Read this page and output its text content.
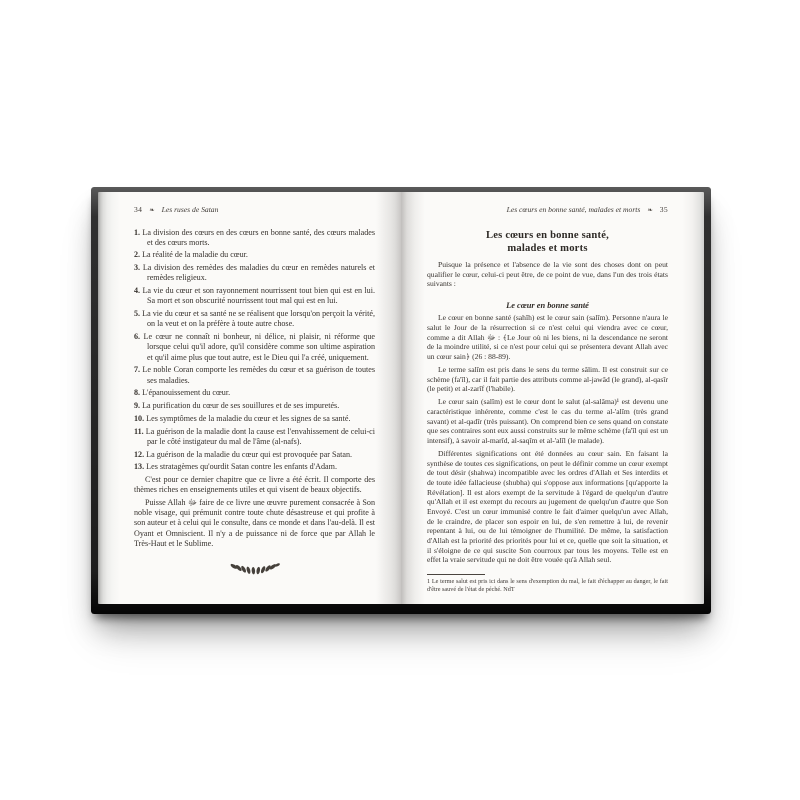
34 ❧ Les ruses de Satan
1. La division des cœurs en des cœurs en bonne santé, des cœurs malades et des cœurs morts.
2. La réalité de la maladie du cœur.
3. La division des remèdes des maladies du cœur en remèdes naturels et remèdes religieux.
4. La vie du cœur et son rayonnement nourrissent tout bien qui est en lui. Sa mort et son obscurité nourrissent tout mal qui est en lui.
5. La vie du cœur et sa santé ne se réalisent que lorsqu'on perçoit la vérité, on la veut et on la préfère à toute autre chose.
6. Le cœur ne connaît ni bonheur, ni délice, ni plaisir, ni réforme que lorsque celui qu'il adore, qu'il considère comme son ultime aspiration et qu'il aime plus que tout autre, est le Dieu qui l'a créé, uniquement.
7. Le noble Coran comporte les remèdes du cœur et sa guérison de toutes ses maladies.
8. L'épanouissement du cœur.
9. La purification du cœur de ses souillures et de ses impuretés.
10. Les symptômes de la maladie du cœur et les signes de sa santé.
11. La guérison de la maladie dont la cause est l'envahissement de celui-ci par le côté instigateur du mal de l'âme (al-nafs).
12. La guérison de la maladie du cœur qui est provoquée par Satan.
13. Les stratagèmes qu'ourdit Satan contre les enfants d'Adam.

C'est pour ce dernier chapitre que ce livre a été écrit. Il comporte des thèmes riches en enseignements utiles et qui visent de beaux objectifs.

Puisse Allah ﷻ faire de ce livre une œuvre purement consacrée à Son noble visage, qui prémunit contre toute chute désastreuse et qui profite à son auteur et à celui qui le consulte, dans ce monde et dans l'au-delà. Il est Oyant et Omniscient. Il n'y a de puissance ni de force que par Allah le Très-Haut et le Sublime.

Les cœurs en bonne santé, malades et morts ❧ 35
Les cœurs en bonne santé,
malades et morts

Puisque la présence et l'absence de la vie sont des choses dont on peut qualifier le cœur, celui-ci peut être, de ce point de vue, dans l'un des trois états suivants :

Le cœur en bonne santé

Le cœur en bonne santé (sahîh) est le cœur sain (salîm). Personne n'aura le salut le Jour de la résurrection si ce n'est celui qui viendra avec ce cœur, comme a dit Allah ﷻ : ﴾Le Jour où ni les biens, ni la descendance ne seront de la moindre utilité, si ce n'est pour celui qui se présentera devant Allah avec un cœur sain﴿ (26 : 88-89).

Le terme salîm est pris dans le sens du terme sâlim. Il est construit sur ce schème (fa'îl), car il fait partie des attributs comme al-jawâd (le grand), al-qasîr (le petit) et al-zarîf (l'habile).

Le cœur sain (salîm) est le cœur dont le salut (al-salâma)¹ est devenu une caractéristique inhérente, comme c'est le cas du terme al-'alîm (très grand savant) et al-qadîr (très puissant). On comprend bien ce sens quand on constate que ses contraires sont eux aussi construits sur le même schème (fa'îl qui est un intensif), à savoir al-marîd, al-saqîm et al-'alîl (le malade).

Différentes significations ont été données au cœur sain. En faisant la synthèse de toutes ces significations, on peut le définir comme un cœur exempt de tout désir (shahwa) incompatible avec les ordres d'Allah et Ses interdits et de toute idée fallacieuse (shubha) qui s'oppose aux informations [qu'apporte la Révélation]. Il est alors exempt de la servitude à l'égard de quelqu'un d'autre qu'Allah et il est exempt du recours au jugement de quelqu'un d'autre que Son Envoyé. C'est un cœur immunisé contre le fait d'aimer quelqu'un avec Allah, de le craindre, de placer son espoir en lui, de s'en remettre à lui, de revenir repentant à lui, ou de lui témoigner de l'humilité. De même, la satisfaction d'Allah est la priorité des priorités pour lui et ce, quelle que soit la situation, et il s'éloigne de ce qui suscite Son courroux par tous les moyens. Telle est en effet la vraie servitude qui ne doit être vouée qu'à Allah seul.

1 Le terme salut est pris ici dans le sens d'exemption du mal, le fait d'échapper au danger, le fait d'être sauvé de l'état de péché. NdT
